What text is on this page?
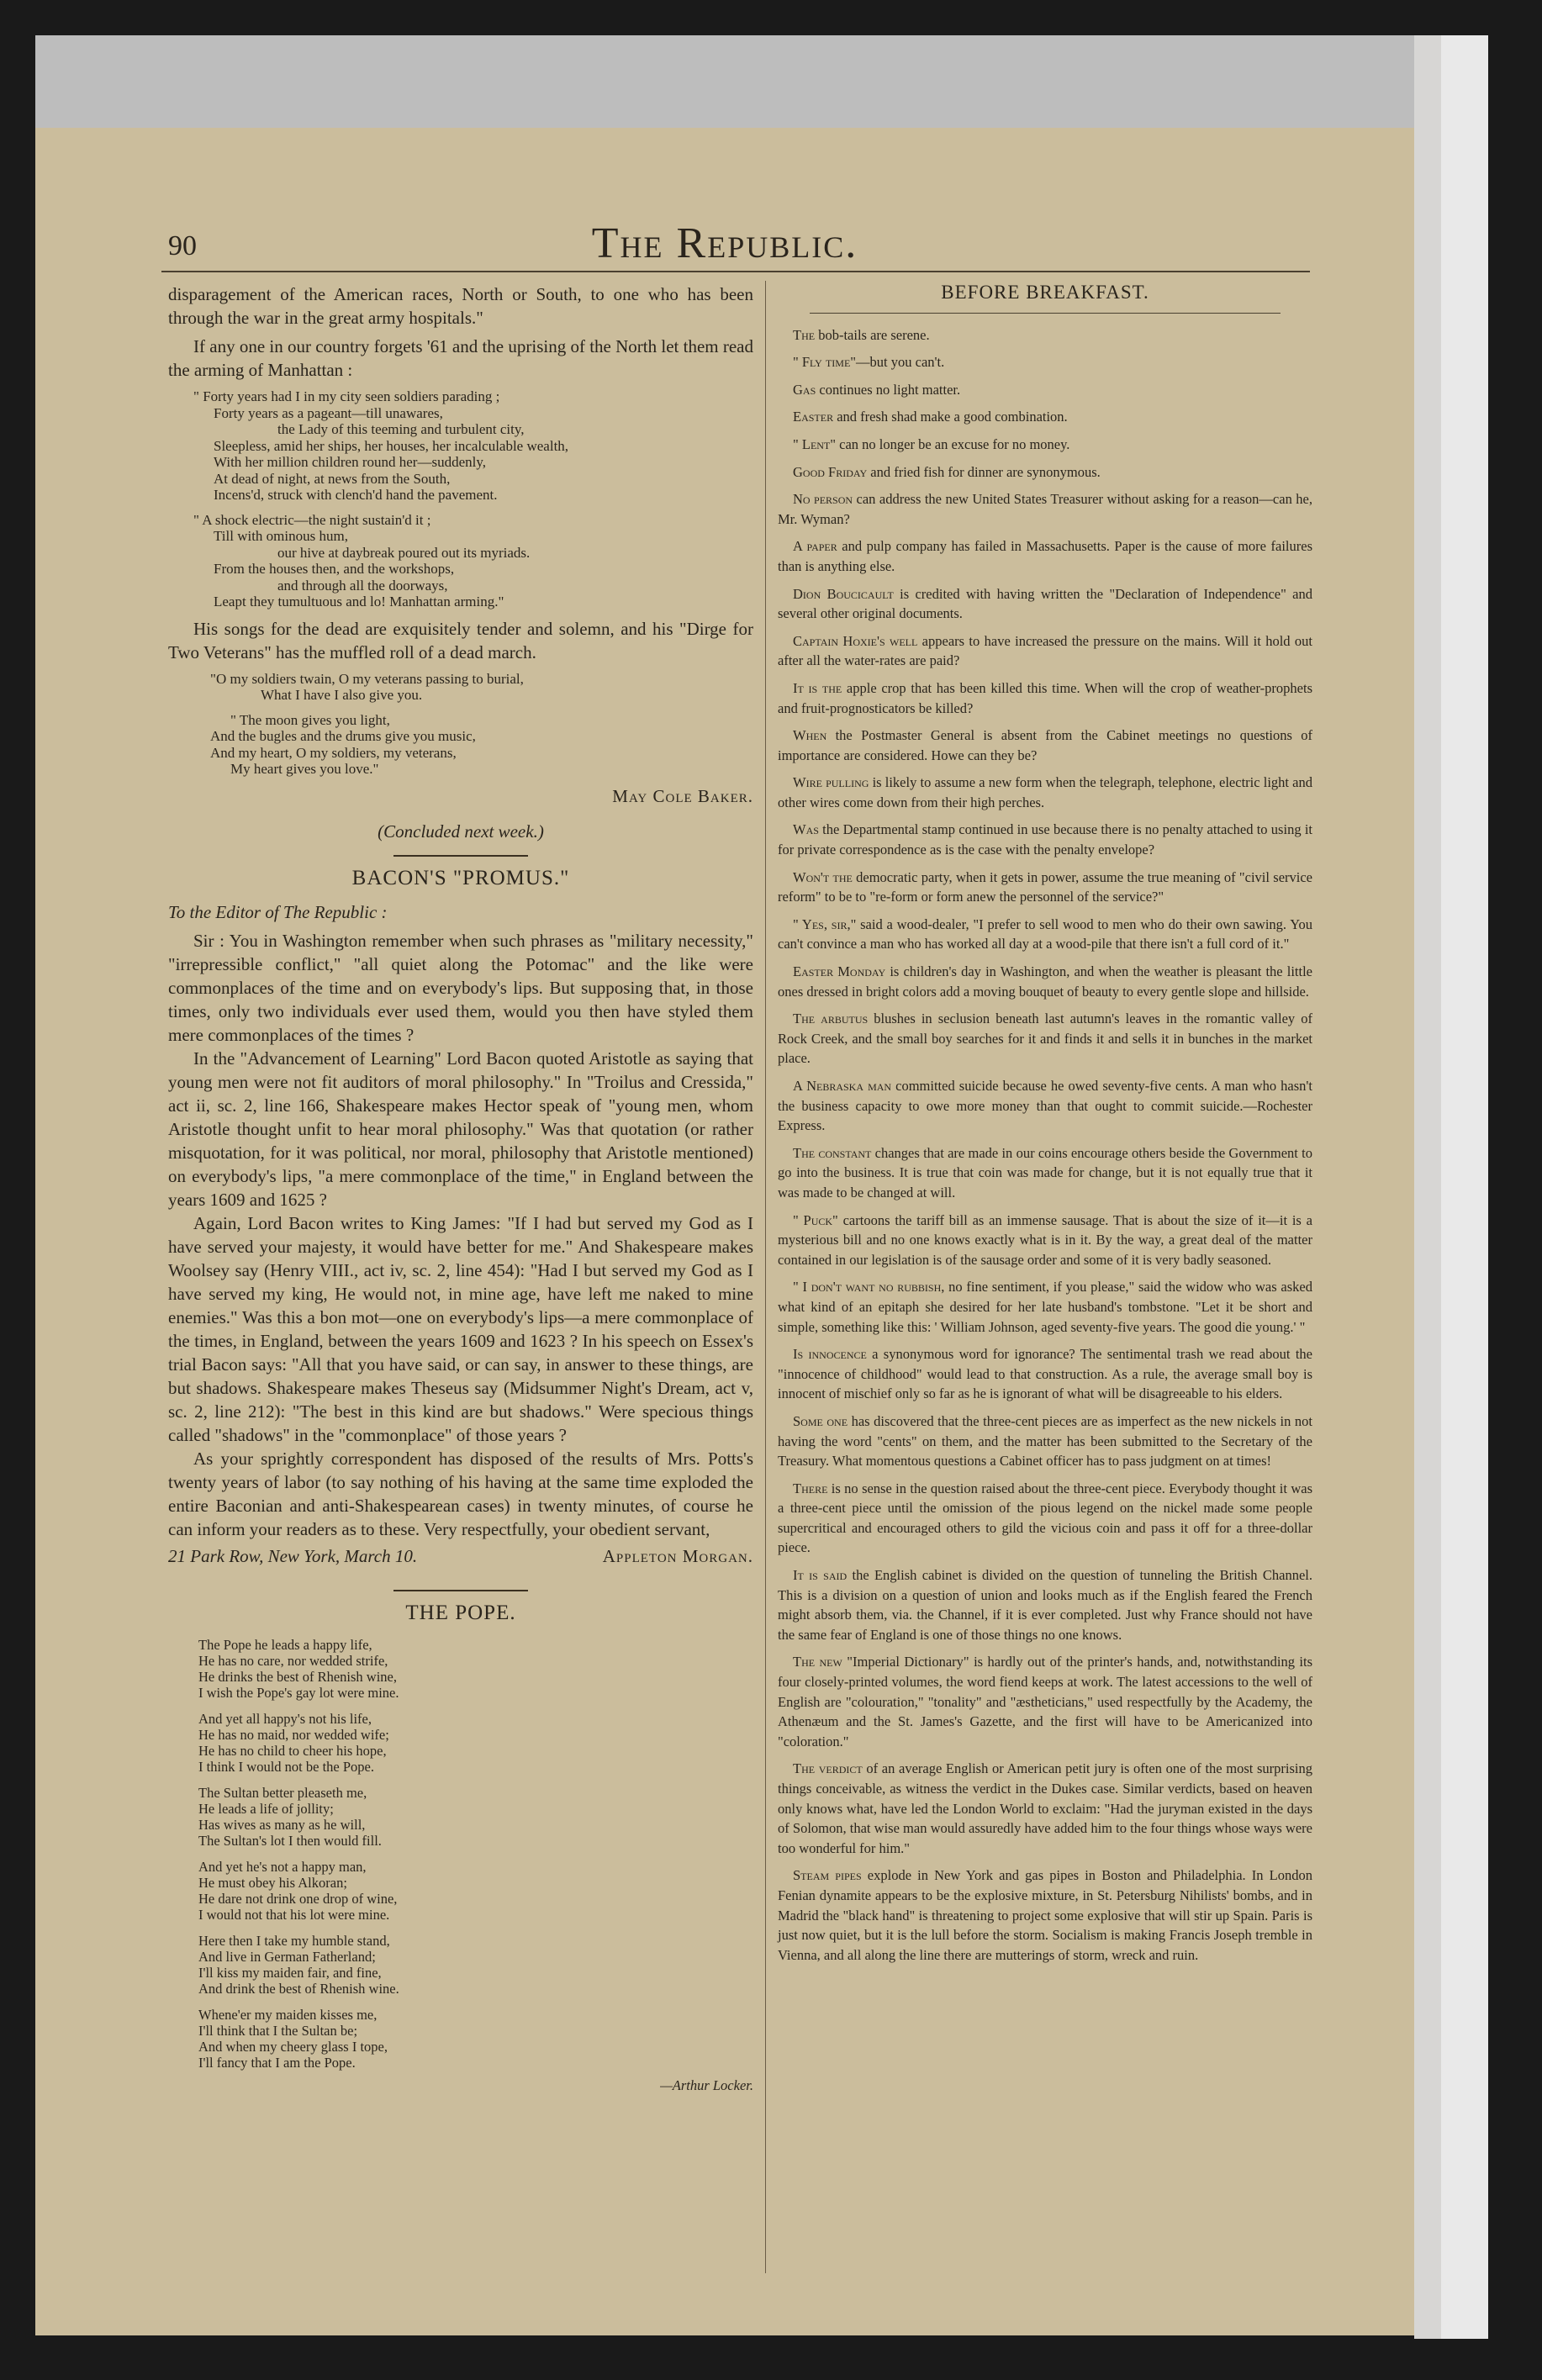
90	The Republic.

disparagement of the American races, North or South, to one who has been through the war in the great army hospitals."

If any one in our country forgets '61 and the uprising of the North let them read the arming of Manhattan :

" Forty years had I in my city seen soldiers parading ;
Forty years as a pageant—till unawares,
the Lady of this teeming and turbulent city,
Sleepless, amid her ships, her houses, her incalculable wealth,
With her million children round her—suddenly,
At dead of night, at news from the South,
Incens'd, struck with clench'd hand the pavement.
" A shock electric—the night sustain'd it ;
Till with ominous hum,
our hive at daybreak poured out its myriads.
From the houses then, and the workshops,
and through all the doorways,
Leapt they tumultuous and lo! Manhattan arming."

His songs for the dead are exquisitely tender and solemn, and his "Dirge for Two Veterans" has the muffled roll of a dead march.

"O my soldiers twain, O my veterans passing to burial,
What I have I also give you.
" The moon gives you light,
And the bugles and the drums give you music,
And my heart, O my soldiers, my veterans,
My heart gives you love."
May Cole Baker.
(Concluded next week.)
BACON'S "PROMUS."
To the Editor of The Republic :

Sir : You in Washington remember when such phrases as "military necessity," "irrepressible conflict," "all quiet along the Potomac" and the like were commonplaces of the time and on everybody's lips. But supposing that, in those times, only two individuals ever used them, would you then have styled them mere commonplaces of the times ?

In the "Advancement of Learning" Lord Bacon quoted Aristotle as saying that young men were not fit auditors of moral philosophy." In "Troilus and Cressida," act ii, sc. 2, line 166, Shakespeare makes Hector speak of "young men, whom Aristotle thought unfit to hear moral philosophy." Was that quotation (or rather misquotation, for it was political, nor moral, philosophy that Aristotle mentioned) on everybody's lips, "a mere commonplace of the time," in England between the years 1609 and 1625 ?

Again, Lord Bacon writes to King James: "If I had but served my God as I have served your majesty, it would have better for me." And Shakespeare makes Woolsey say (Henry VIII., act iv, sc. 2, line 454): "Had I but served my God as I have served my king, He would not, in mine age, have left me naked to mine enemies." Was this a bon mot—one on everybody's lips—a mere commonplace of the times, in England, between the years 1609 and 1623 ? In his speech on Essex's trial Bacon says: "All that you have said, or can say, in answer to these things, are but shadows. Shakespeare makes Theseus say (Midsummer Night's Dream, act v, sc. 2, line 212): "The best in this kind are but shadows." Were specious things called "shadows" in the "commonplace" of those years ?

As your sprightly correspondent has disposed of the results of Mrs. Potts's twenty years of labor (to say nothing of his having at the same time exploded the entire Baconian and anti-Shakespearean cases) in twenty minutes, of course he can inform your readers as to these. Very respectfully, your obedient servant,

21 Park Row, New York, March 10.	Appleton Morgan.
THE POPE.
The Pope he leads a happy life,
He has no care, nor wedded strife,
He drinks the best of Rhenish wine,
I wish the Pope's gay lot were mine.
And yet all happy's not his life,
He has no maid, nor wedded wife;
He has no child to cheer his hope,
I think I would not be the Pope.
The Sultan better pleaseth me,
He leads a life of jollity;
Has wives as many as he will,
The Sultan's lot I then would fill.
And yet he's not a happy man,
He must obey his Alkoran;
He dare not drink one drop of wine,
I would not that his lot were mine.
Here then I take my humble stand,
And live in German Fatherland;
I'll kiss my maiden fair, and fine,
And drink the best of Rhenish wine.
Whene'er my maiden kisses me,
I'll think that I the Sultan be;
And when my cheery glass I tope,
I'll fancy that I am the Pope.
—Arthur Locker.
BEFORE BREAKFAST.

The bob-tails are serene.

" Fly time"—but you can't.

Gas continues no light matter.

Easter and fresh shad make a good combination.

" Lent" can no longer be an excuse for no money.

Good Friday and fried fish for dinner are synonymous.

No person can address the new United States Treasurer without asking for a reason—can he, Mr. Wyman?

A paper and pulp company has failed in Massachusetts. Paper is the cause of more failures than is anything else.

Dion Boucicault is credited with having written the "Declaration of Independence" and several other original documents.

Captain Hoxie's well appears to have increased the pressure on the mains. Will it hold out after all the water-rates are paid?

It is the apple crop that has been killed this time. When will the crop of weather-prophets and fruit-prognosticators be killed?

When the Postmaster General is absent from the Cabinet meetings no questions of importance are considered. Howe can they be?

Wire pulling is likely to assume a new form when the telegraph, telephone, electric light and other wires come down from their high perches.

Was the Departmental stamp continued in use because there is no penalty attached to using it for private correspondence as is the case with the penalty envelope?

Won't the democratic party, when it gets in power, assume the true meaning of "civil service reform" to be to "re-form or form anew the personnel of the service?"

" Yes, sir," said a wood-dealer, "I prefer to sell wood to men who do their own sawing. You can't convince a man who has worked all day at a wood-pile that there isn't a full cord of it."

Easter Monday is children's day in Washington, and when the weather is pleasant the little ones dressed in bright colors add a moving bouquet of beauty to every gentle slope and hillside.

The arbutus blushes in seclusion beneath last autumn's leaves in the romantic valley of Rock Creek, and the small boy searches for it and finds it and sells it in bunches in the market place.

A Nebraska man committed suicide because he owed seventy-five cents. A man who hasn't the business capacity to owe more money than that ought to commit suicide.—Rochester Express.

The constant changes that are made in our coins encourage others beside the Government to go into the business. It is true that coin was made for change, but it is not equally true that it was made to be changed at will.

" Puck" cartoons the tariff bill as an immense sausage. That is about the size of it—it is a mysterious bill and no one knows exactly what is in it. By the way, a great deal of the matter contained in our legislation is of the sausage order and some of it is very badly seasoned.

" I don't want no rubbish, no fine sentiment, if you please," said the widow who was asked what kind of an epitaph she desired for her late husband's tombstone. "Let it be short and simple, something like this: ' William Johnson, aged seventy-five years. The good die young.' "

Is innocence a synonymous word for ignorance? The sentimental trash we read about the "innocence of childhood" would lead to that construction. As a rule, the average small boy is innocent of mischief only so far as he is ignorant of what will be disagreeable to his elders.

Some one has discovered that the three-cent pieces are as imperfect as the new nickels in not having the word "cents" on them, and the matter has been submitted to the Secretary of the Treasury. What momentous questions a Cabinet officer has to pass judgment on at times!

There is no sense in the question raised about the three-cent piece. Everybody thought it was a three-cent piece until the omission of the pious legend on the nickel made some people supercritical and encouraged others to gild the vicious coin and pass it off for a three-dollar piece.

It is said the English cabinet is divided on the question of tunneling the British Channel. This is a division on a question of union and looks much as if the English feared the French might absorb them, via. the Channel, if it is ever completed. Just why France should not have the same fear of England is one of those things no one knows.

The new "Imperial Dictionary" is hardly out of the printer's hands, and, notwithstanding its four closely-printed volumes, the word fiend keeps at work. The latest accessions to the well of English are "colouration," "tonality" and "æstheticians," used respectfully by the Academy, the Athenæum and the St. James's Gazette, and the first will have to be Americanized into "coloration."

The verdict of an average English or American petit jury is often one of the most surprising things conceivable, as witness the verdict in the Dukes case. Similar verdicts, based on heaven only knows what, have led the London World to exclaim: "Had the juryman existed in the days of Solomon, that wise man would assuredly have added him to the four things whose ways were too wonderful for him."

Steam pipes explode in New York and gas pipes in Boston and Philadelphia. In London Fenian dynamite appears to be the explosive mixture, in St. Petersburg Nihilists' bombs, and in Madrid the "black hand" is threatening to project some explosive that will stir up Spain. Paris is just now quiet, but it is the lull before the storm. Socialism is making Francis Joseph tremble in Vienna, and all along the line there are mutterings of storm, wreck and ruin.
